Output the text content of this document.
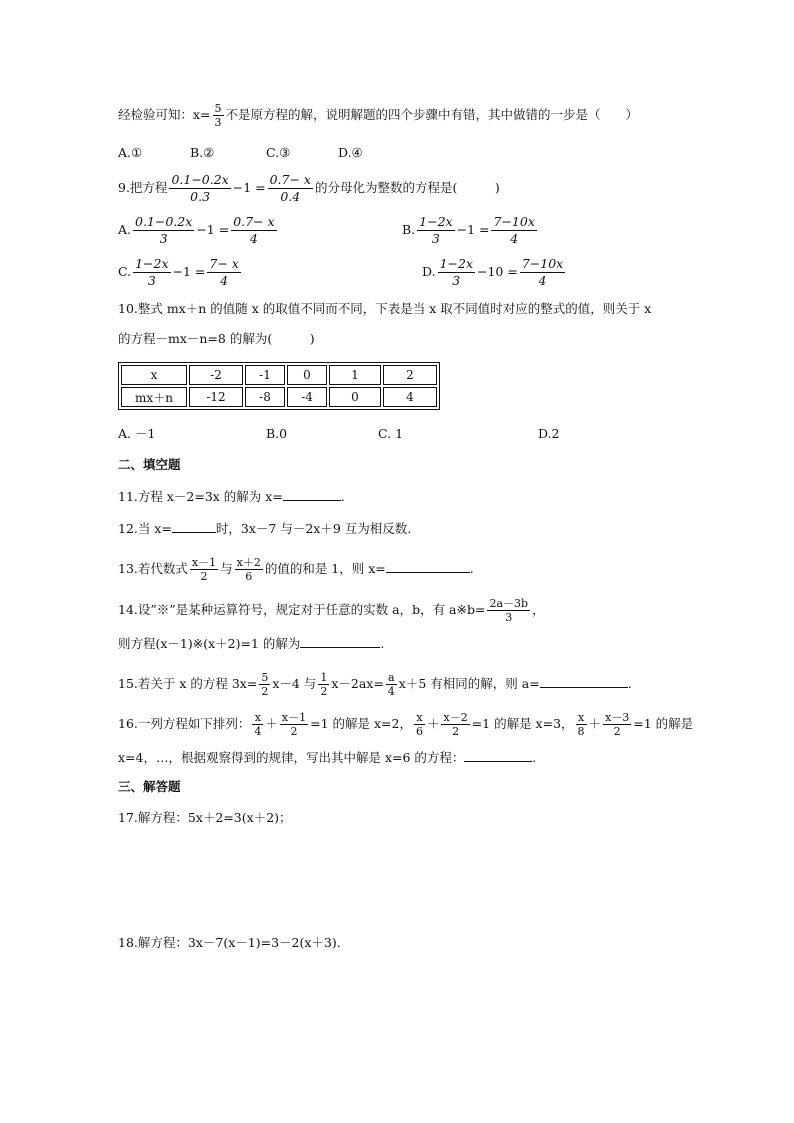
经检验可知：$x= \frac{5}{3}$ 不是原方程的解，说明解题的四个步骤中有错，其中做错的一步是（　　）
A.①	B.②	C.③	D.④
9.把方程 $\frac{0.1-0.2x}{0.3} -1 = \frac{0.7- x}{0.4}$ 的分母化为整数的方程是(　　　)
A. $\frac{0.1-0.2x}{3} -1 = \frac{0.7- x}{4}$	B. $\frac{1-2x}{3} -1 = \frac{7-10x}{4}$
C. $\frac{1-2x}{3} -1 = \frac{7- x}{4}$	D. $\frac{1-2x}{3} -10 = \frac{7-10x}{4}$
10.整式 mx＋n 的值随 x 的取值不同而不同，下表是当 x 取不同值时对应的整式的值，则关于 x
的方程－mx－n=8 的解为(　　　)
x	-2	-1	0	1	2
mx＋n	-12	-8	-4	0	4
A. －1	B.0	C. 1	D.2
二、填空题
11.方程 x－2=3x 的解为 x=	.
12.当 x=	时，3x－7 与－2x＋9 互为相反数.
13.若代数式 $\frac{x-1}{2}$ 与 $\frac{x+2}{6}$ 的值的和是 1，则 x=	.
14.设”※”是某种运算符号，规定对于任意的实数 a，b，有 a※b= $\frac{2a-3b}{3}$ ，
则方程(x－1)※(x＋2)=1 的解为	.
15.若关于 x 的方程 $3x= \frac{5}{2} x-4$ 与 $\frac{1}{2} x-2ax= \frac{a}{4} x+5$ 有相同的解，则 a=	.
16.一列方程如下排列： $\frac{x}{4} + \frac{x-1}{2} =1$ 的解是 x=2， $\frac{x}{6} + \frac{x-2}{2} =1$ 的解是 x=3， $\frac{x}{8} + \frac{x-3}{2} =1$ 的解是
x=4，…，根据观察得到的规律，写出其中解是 x=6 的方程：	.
三、解答题
17.解方程：5x＋2=3(x＋2)；
18.解方程：3x－7(x－1)=3－2(x＋3).
